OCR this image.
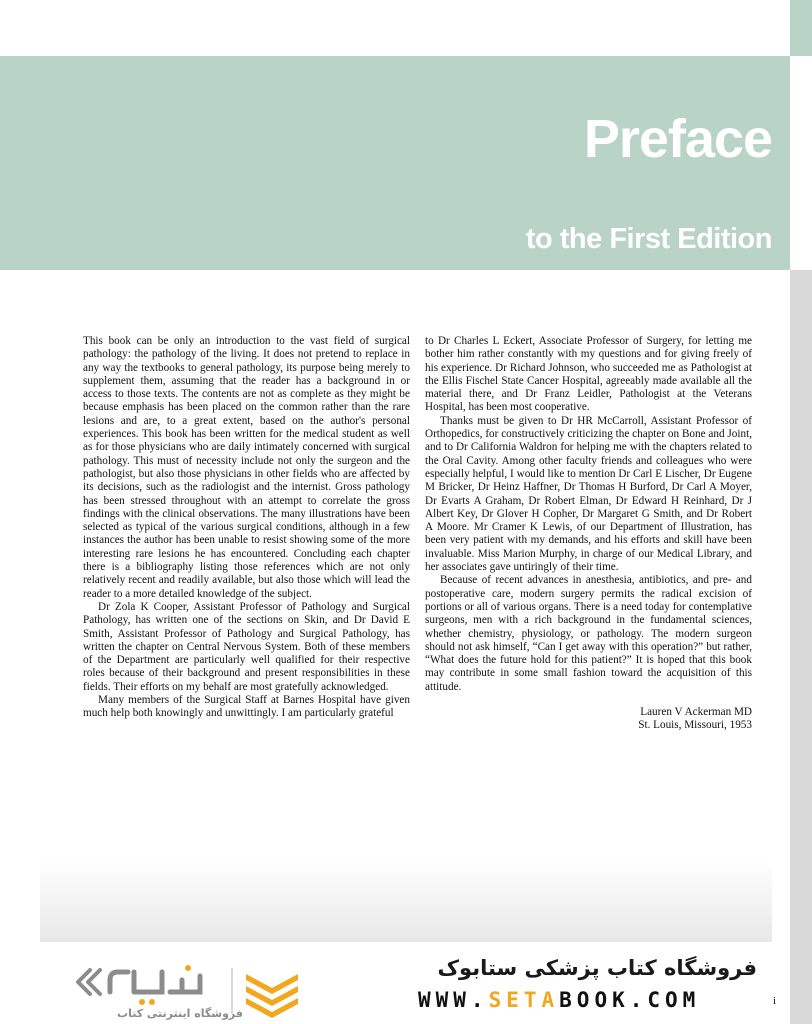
Preface
to the First Edition

This book can be only an introduction to the vast field of surgical pathology: the pathology of the living. It does not pretend to replace in any way the textbooks to general pathology, its purpose being merely to supplement them, assuming that the reader has a background in or access to those texts. The contents are not as complete as they might be because emphasis has been placed on the common rather than the rare lesions and are, to a great extent, based on the author's personal experiences. This book has been written for the medical student as well as for those physicians who are daily intimately concerned with surgical pathology. This must of necessity include not only the surgeon and the pathologist, but also those physicians in other fields who are affected by its decisions, such as the radiologist and the internist. Gross pathology has been stressed throughout with an attempt to correlate the gross findings with the clinical observations. The many illustrations have been selected as typical of the various surgical conditions, although in a few instances the author has been unable to resist showing some of the more interesting rare lesions he has encountered. Concluding each chapter there is a bibliography listing those references which are not only relatively recent and readily available, but also those which will lead the reader to a more detailed knowledge of the subject.

Dr Zola K Cooper, Assistant Professor of Pathology and Surgical Pathology, has written one of the sections on Skin, and Dr David E Smith, Assistant Professor of Pathology and Surgical Pathology, has written the chapter on Central Nervous System. Both of these members of the Department are particularly well qualified for their respective roles because of their background and present responsibilities in these fields. Their efforts on my behalf are most gratefully acknowledged.

Many members of the Surgical Staff at Barnes Hospital have given much help both knowingly and unwittingly. I am particularly grateful

to Dr Charles L Eckert, Associate Professor of Surgery, for letting me bother him rather constantly with my questions and for giving freely of his experience. Dr Richard Johnson, who succeeded me as Pathologist at the Ellis Fischel State Cancer Hospital, agreeably made available all the material there, and Dr Franz Leidler, Pathologist at the Veterans Hospital, has been most cooperative.

Thanks must be given to Dr HR McCarroll, Assistant Professor of Orthopedics, for constructively criticizing the chapter on Bone and Joint, and to Dr California Waldron for helping me with the chapters related to the Oral Cavity. Among other faculty friends and colleagues who were especially helpful, I would like to mention Dr Carl E Lischer, Dr Eugene M Bricker, Dr Heinz Haffner, Dr Thomas H Burford, Dr Carl A Moyer, Dr Evarts A Graham, Dr Robert Elman, Dr Edward H Reinhard, Dr J Albert Key, Dr Glover H Copher, Dr Margaret G Smith, and Dr Robert A Moore. Mr Cramer K Lewis, of our Department of Illustration, has been very patient with my demands, and his efforts and skill have been invaluable. Miss Marion Murphy, in charge of our Medical Library, and her associates gave untiringly of their time.

Because of recent advances in anesthesia, antibiotics, and pre- and postoperative care, modern surgery permits the radical excision of portions or all of various organs. There is a need today for contemplative surgeons, men with a rich background in the fundamental sciences, whether chemistry, physiology, or pathology. The modern surgeon should not ask himself, “Can I get away with this operation?” but rather, “What does the future hold for this patient?” It is hoped that this book may contribute in some small fashion toward the acquisition of this attitude.

Lauren V Ackerman MD
St. Louis, Missouri, 1953
فروشگاه اینترنتی کتاب

فروشگاه کتاب پزشکی ستابوک

WWW.SETABOOK.COM	i
